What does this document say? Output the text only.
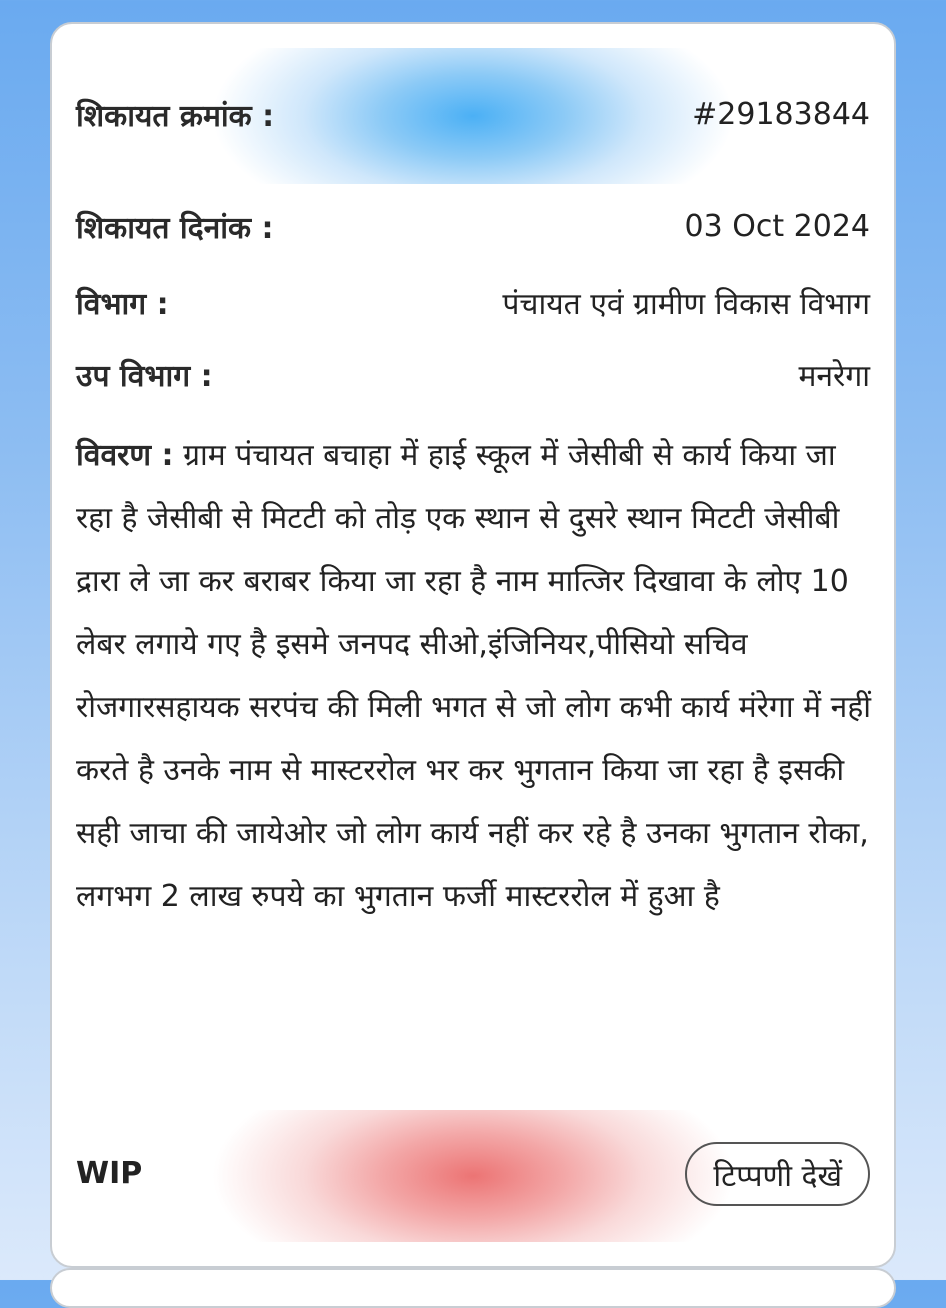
शिकायत क्रमांक :	#29183844
शिकायत दिनांक :	03 Oct 2024
विभाग :	पंचायत एवं ग्रामीण विकास विभाग
उप विभाग :	मनरेगा
विवरण : ग्राम पंचायत बचाहा में हाई स्कूल में जेसीबी से कार्य किया जा रहा है जेसीबी से मिटटी को तोड़ एक स्थान से दुसरे स्थान मिटटी जेसीबी द्रारा ले जा कर बराबर किया जा रहा है नाम मात्जिर दिखावा के लोए 10 लेबर लगाये गए है इसमे जनपद सीओ,इंजिनियर,पीसियो सचिव रोजगारसहायक सरपंच की मिली भगत से जो लोग कभी कार्य मंरेगा में नहीं करते है उनके नाम से मास्टररोल भर कर भुगतान किया जा रहा है इसकी सही जाचा की जायेओर जो लोग कार्य नहीं कर रहे है उनका भुगतान रोका, लगभग 2 लाख रुपये का भुगतान फर्जी मास्टररोल में हुआ है
WIP	टिप्पणी देखें
